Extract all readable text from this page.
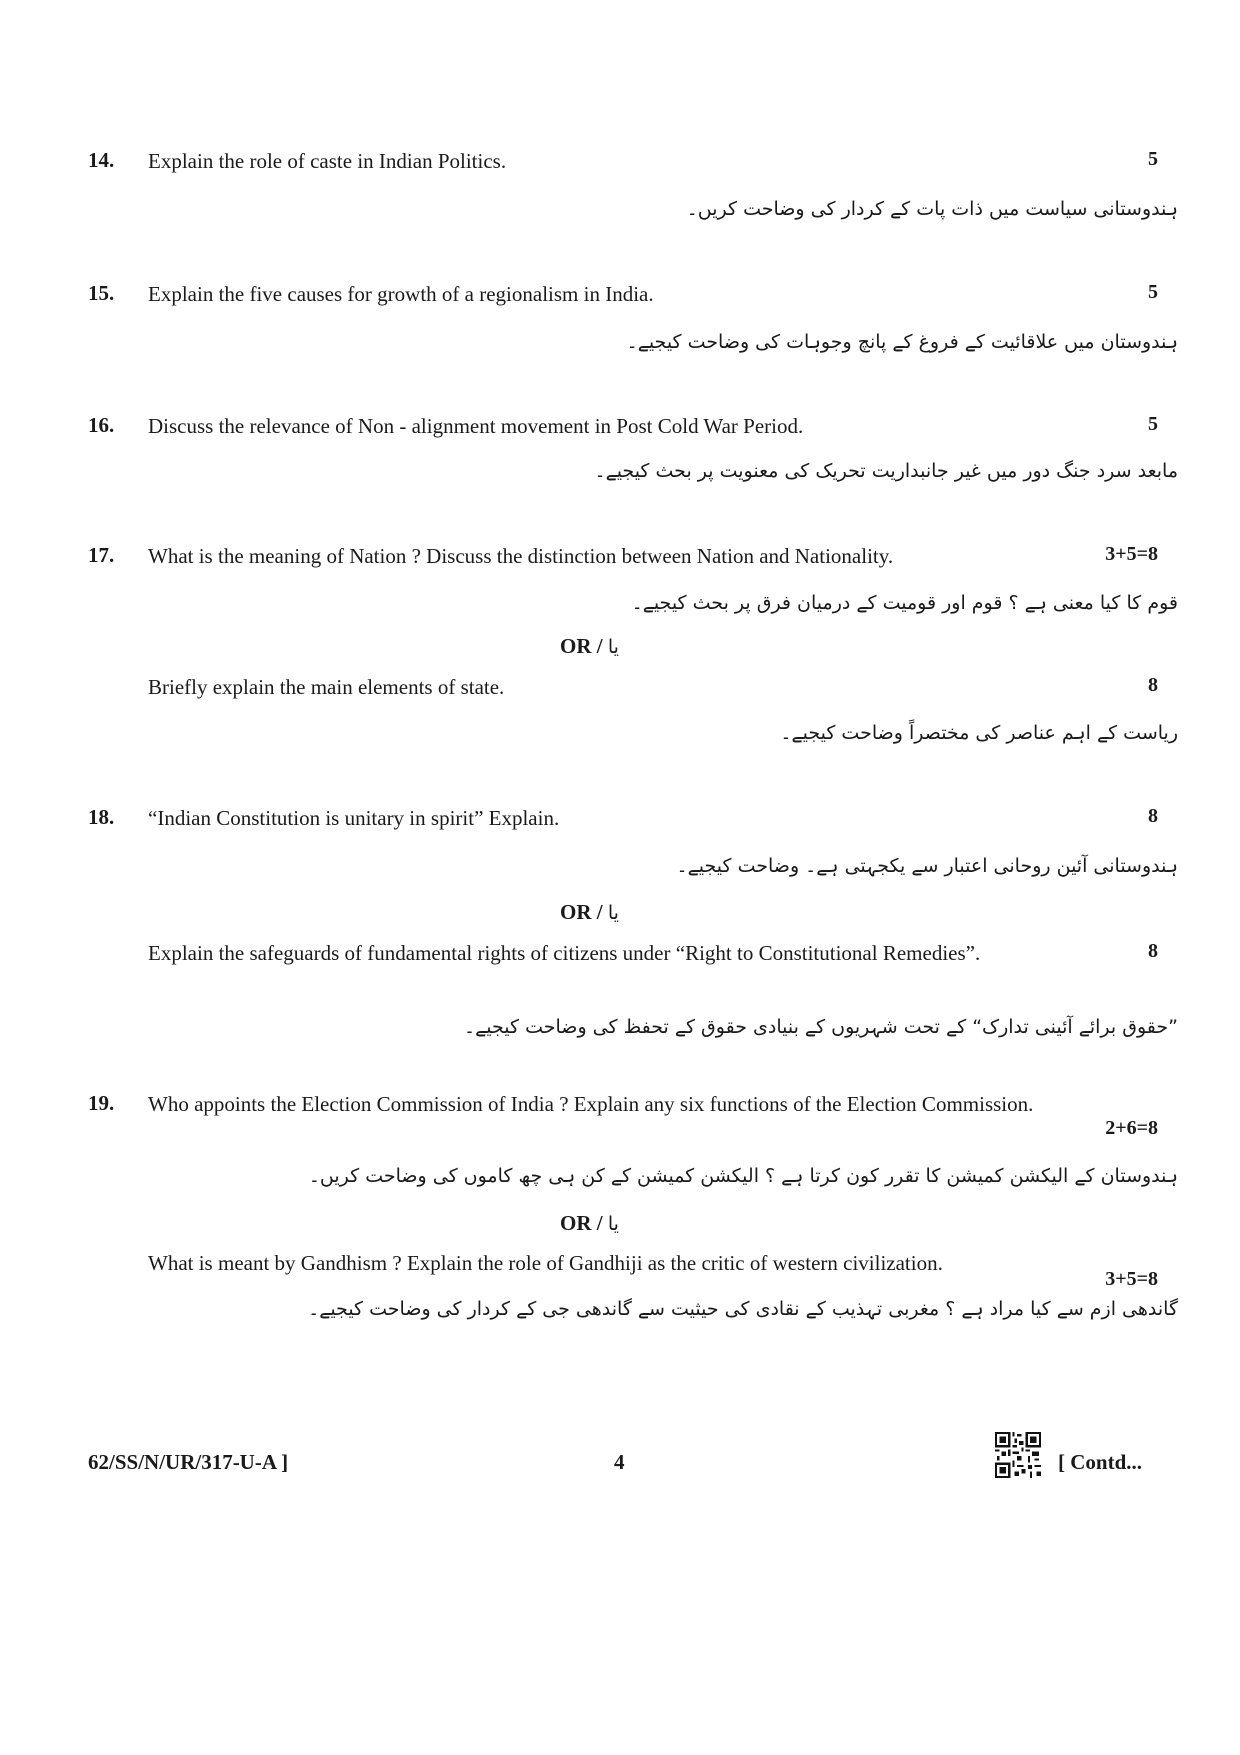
14. Explain the role of caste in Indian Politics.	5
ہندوستانی سیاست میں ذات پات کے کردار کی وضاحت کریں۔
15. Explain the five causes for growth of a regionalism in India.	5
ہندوستان میں علاقائیت کے فروغ کے پانچ وجوہات کی وضاحت کیجیے۔
16. Discuss the relevance of Non - alignment movement in Post Cold War Period.	5
مابعد سرد جنگ دور میں غیر جانبداریت تحریک کی معنویت پر بحث کیجیے۔
17. What is the meaning of Nation ? Discuss the distinction between Nation and Nationality.	3+5=8
قوم کا کیا معنی ہے ؟ قوم اور قومیت کے درمیان فرق پر بحث کیجیے۔
OR / یا
Briefly explain the main elements of state.	8
ریاست کے اہم عناصر کی مختصراً وضاحت کیجیے۔
18. “Indian Constitution is unitary in spirit” Explain.	8
ہندوستانی آئین روحانی اعتبار سے یکجہتی ہے۔ وضاحت کیجیے۔
OR / یا
Explain the safeguards of fundamental rights of citizens under “Right to Constitutional Remedies”.	8
”حقوق برائے آئینی تدارک“ کے تحت شہریوں کے بنیادی حقوق کے تحفظ کی وضاحت کیجیے۔
19. Who appoints the Election Commission of India ? Explain any six functions of the Election Commission.
2+6=8
ہندوستان کے الیکشن کمیشن کا تقرر کون کرتا ہے ؟ الیکشن کمیشن کے کن ہی چھ کاموں کی وضاحت کریں۔
OR / یا
What is meant by Gandhism ? Explain the role of Gandhiji as the critic of western civilization.
3+5=8
گاندھی ازم سے کیا مراد ہے ؟ مغربی تہذیب کے نقادی کی حیثیت سے گاندھی جی کے کردار کی وضاحت کیجیے۔
62/SS/N/UR/317-U-A ]	4	[ Contd...
